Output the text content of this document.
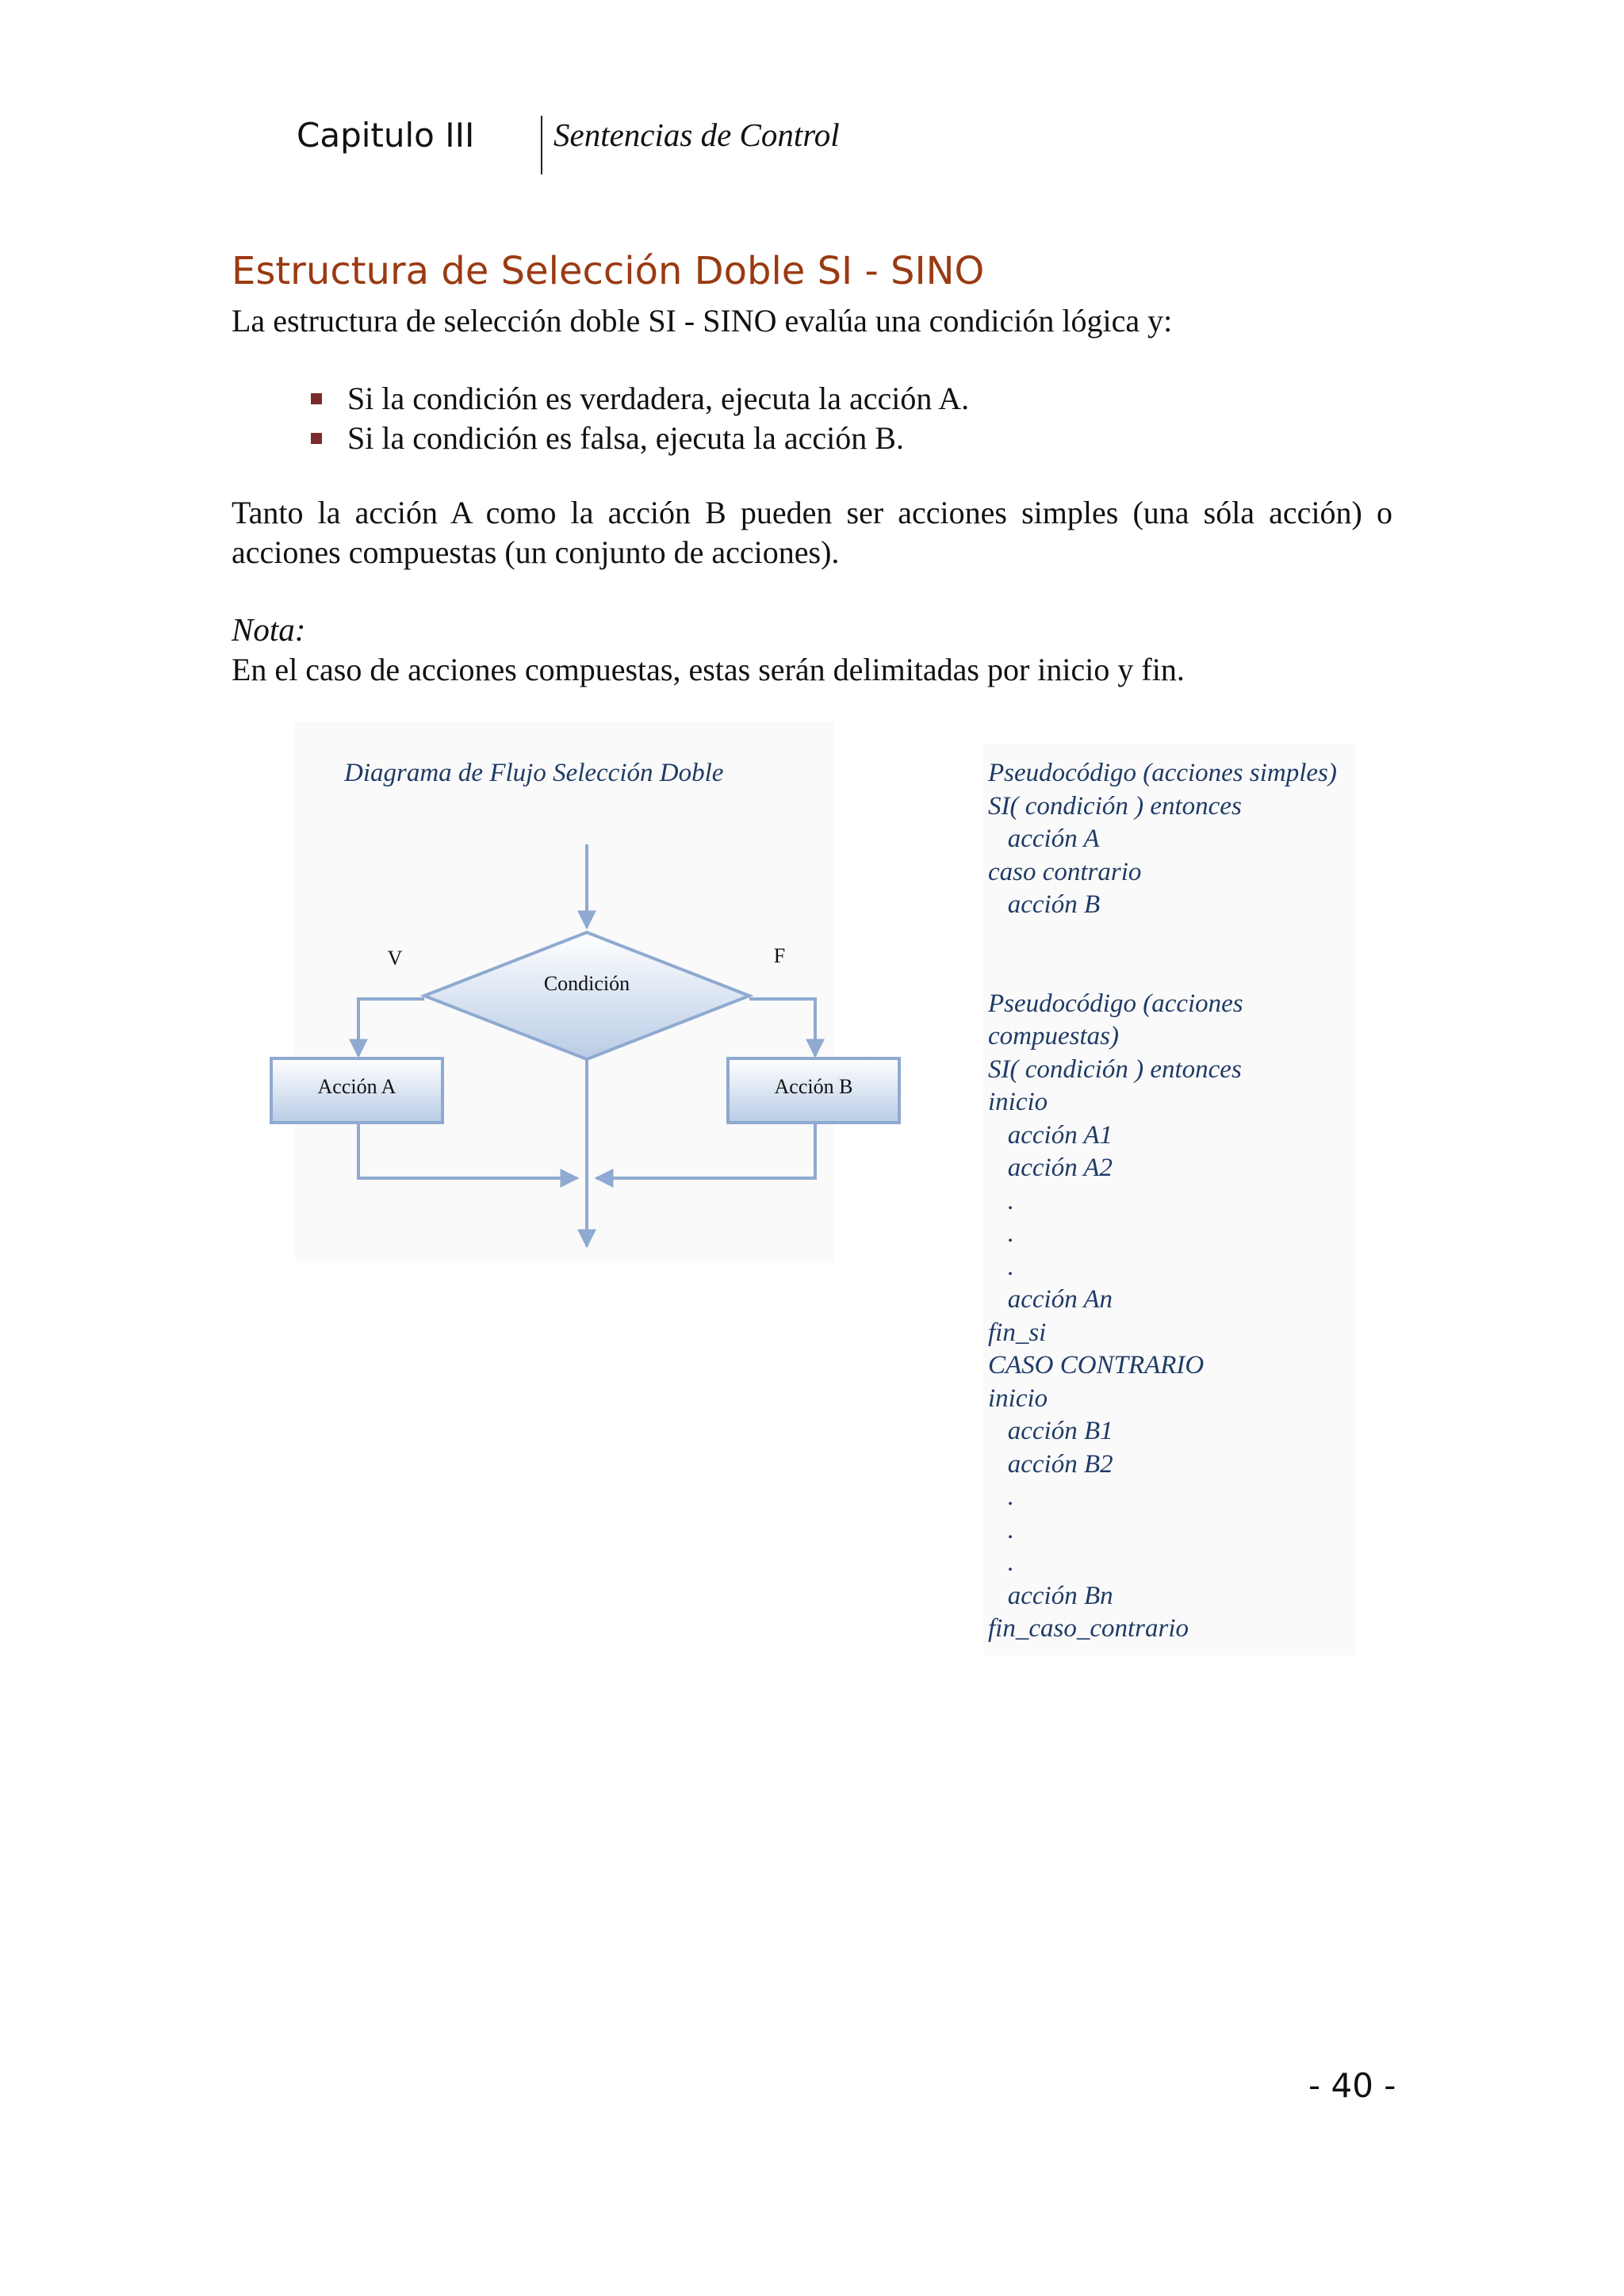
Capitulo III Sentencias de Control
Estructura de Selección Doble SI - SINO
La estructura de selección doble SI - SINO evalúa una condición lógica y:
Si la condición es verdadera, ejecuta la acción A.
Si la condición es falsa, ejecuta la acción B.
Tanto la acción A como la acción B pueden ser acciones simples (una sóla acción) o
acciones compuestas (un conjunto de acciones).
Nota:
En el caso de acciones compuestas, estas serán delimitadas por inicio y fin.
Diagrama de Flujo Selección Doble
Condición
V	F
Acción A	Acción B
Pseudocódigo (acciones simples)
SI( condición ) entonces
acción A
caso contrario
acción B
Pseudocódigo (acciones
compuestas)
SI( condición ) entonces
inicio
acción A1
acción A2
.
.
.
acción An
fin_si
CASO CONTRARIO
inicio
acción B1
acción B2
.
.
.
acción Bn
fin_caso_contrario
- 40 -
